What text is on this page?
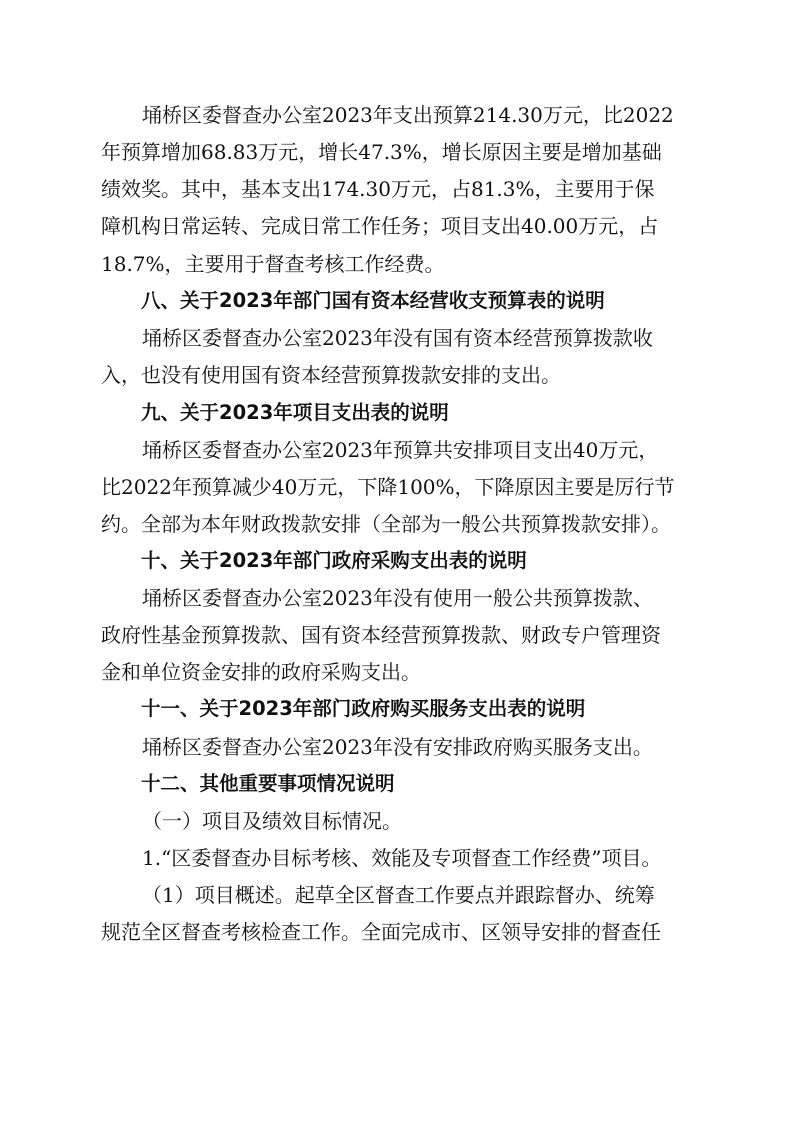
埇桥区委督查办公室2023年支出预算214.30万元，比2022
年预算增加68.83万元，增长47.3%，增长原因主要是增加基础
绩效奖。其中，基本支出174.30万元，占81.3%，主要用于保
障机构日常运转、完成日常工作任务；项目支出40.00万元，占
18.7%，主要用于督查考核工作经费。
八、关于2023年部门国有资本经营收支预算表的说明
埇桥区委督查办公室2023年没有国有资本经营预算拨款收
入，也没有使用国有资本经营预算拨款安排的支出。
九、关于2023年项目支出表的说明
埇桥区委督查办公室2023年预算共安排项目支出40万元，
比2022年预算减少40万元，下降100%，下降原因主要是厉行节
约。全部为本年财政拨款安排（全部为一般公共预算拨款安排）。
十、关于2023年部门政府采购支出表的说明
埇桥区委督查办公室2023年没有使用一般公共预算拨款、
政府性基金预算拨款、国有资本经营预算拨款、财政专户管理资
金和单位资金安排的政府采购支出。
十一、关于2023年部门政府购买服务支出表的说明
埇桥区委督查办公室2023年没有安排政府购买服务支出。
十二、其他重要事项情况说明
（一）项目及绩效目标情况。
1.“区委督查办目标考核、效能及专项督查工作经费”项目。
（1）项目概述。起草全区督查工作要点并跟踪督办、统筹
规范全区督查考核检查工作。全面完成市、区领导安排的督查任
